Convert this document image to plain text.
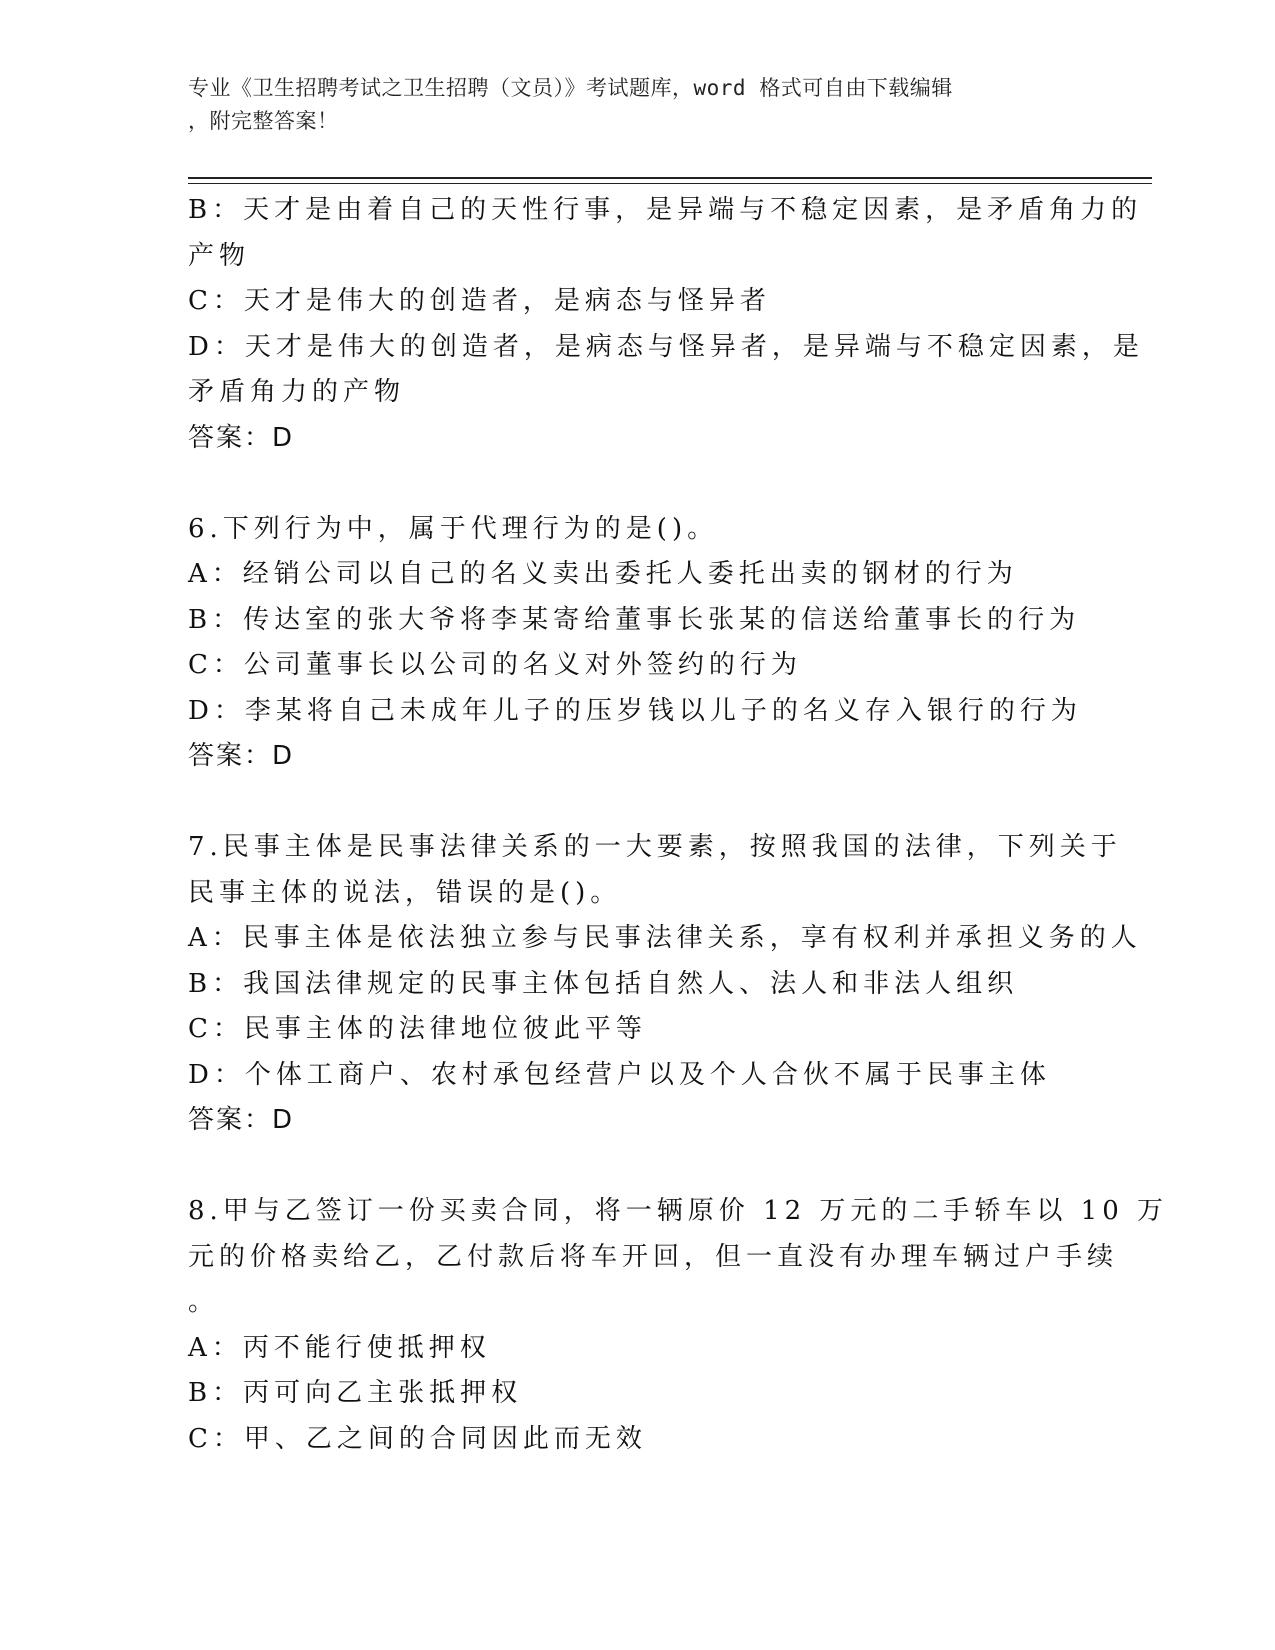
专业《卫生招聘考试之卫生招聘（文员）》考试题库，word 格式可自由下载编辑
，附完整答案！
B：天才是由着自己的天性行事，是异端与不稳定因素，是矛盾角力的
产物
C：天才是伟大的创造者，是病态与怪异者
D：天才是伟大的创造者，是病态与怪异者，是异端与不稳定因素，是
矛盾角力的产物
答案：D
6.下列行为中，属于代理行为的是()。
A：经销公司以自己的名义卖出委托人委托出卖的钢材的行为
B：传达室的张大爷将李某寄给董事长张某的信送给董事长的行为
C：公司董事长以公司的名义对外签约的行为
D：李某将自己未成年儿子的压岁钱以儿子的名义存入银行的行为
答案：D
7.民事主体是民事法律关系的一大要素，按照我国的法律，下列关于
民事主体的说法，错误的是()。
A：民事主体是依法独立参与民事法律关系，享有权利并承担义务的人
B：我国法律规定的民事主体包括自然人、法人和非法人组织
C：民事主体的法律地位彼此平等
D：个体工商户、农村承包经营户以及个人合伙不属于民事主体
答案：D
8.甲与乙签订一份买卖合同，将一辆原价 12 万元的二手轿车以 10 万
元的价格卖给乙，乙付款后将车开回，但一直没有办理车辆过户手续
。
A：丙不能行使抵押权
B：丙可向乙主张抵押权
C：甲、乙之间的合同因此而无效
